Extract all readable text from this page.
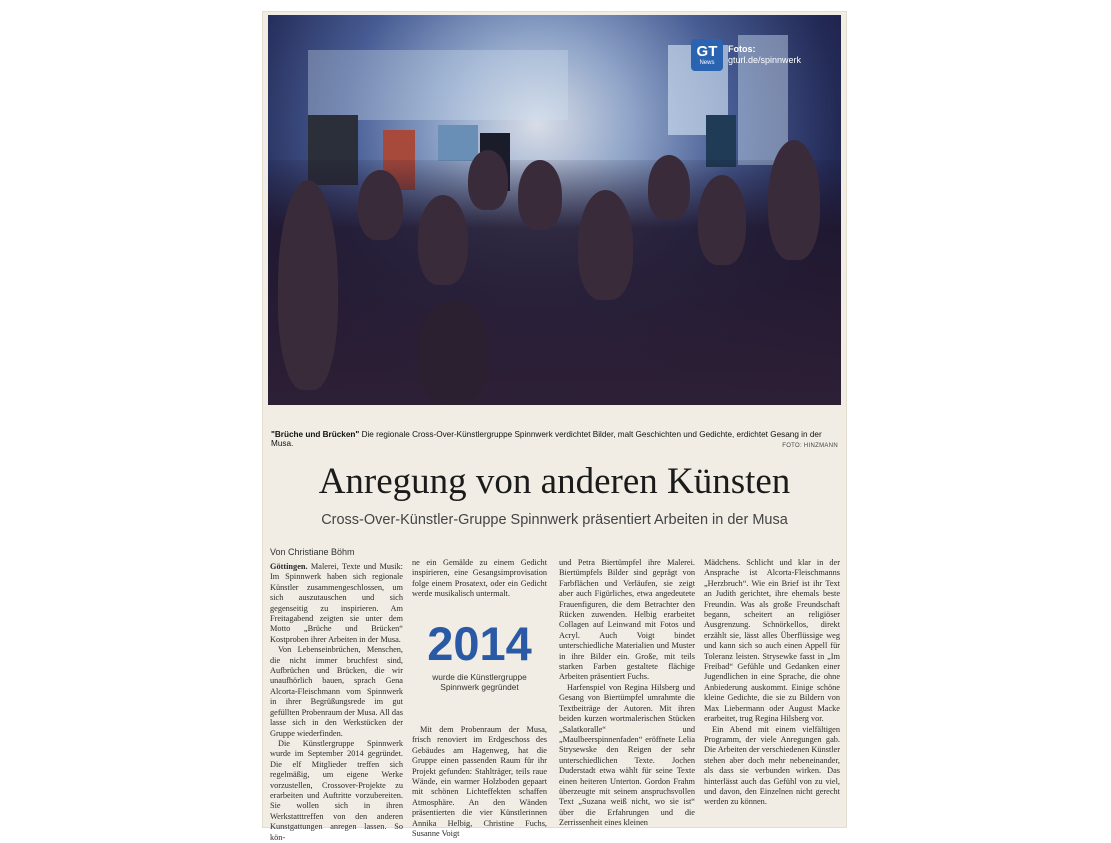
GT
News
Fotos:
gturl.de/spinnwerk
"Brüche und Brücken" Die regionale Cross-Over-Künstlergruppe Spinnwerk verdichtet Bilder, malt Geschichten und Gedichte, erdichtet Gesang in der Musa.	FOTO: HINZMANN
Anregung von anderen Künsten
Cross-Over-Künstler-Gruppe Spinnwerk präsentiert Arbeiten in der Musa
Von Christiane Böhm

Göttingen. Malerei, Texte und Musik: Im Spinnwerk haben sich regionale Künstler zusammengeschlossen, um sich auszutauschen und sich gegenseitig zu inspirieren. Am Freitagabend zeigten sie unter dem Motto „Brüche und Brücken“ Kostproben ihrer Arbeiten in der Musa.

Von Lebenseinbrüchen, Menschen, die nicht immer bruchfest sind, Aufbrüchen und Brücken, die wir unaufhörlich bauen, sprach Gena Alcorta-Fleischmann vom Spinnwerk in ihrer Begrüßungsrede im gut gefüllten Probenraum der Musa. All das lasse sich in den Werkstücken der Gruppe wiederfinden.

Die Künstlergruppe Spinnwerk wurde im September 2014 gegründet. Die elf Mitglieder treffen sich regelmäßig, um eigene Werke vorzustellen, Crossover-Projekte zu erarbeiten und Auftritte vorzubereiten. Sie wollen sich in ihren Werkstatttreffen von den anderen Kunstgattungen anregen lassen. So kön-

ne ein Gemälde zu einem Gedicht inspirieren, eine Gesangsimprovisation folge einem Prosatext, oder ein Gedicht werde musikalisch untermalt.

2014
wurde die Künstlergruppe Spinnwerk gegründet

Mit dem Probenraum der Musa, frisch renoviert im Erdgeschoss des Gebäudes am Hagenweg, hat die Gruppe einen passenden Raum für ihr Projekt gefunden: Stahlträger, teils raue Wände, ein warmer Holzboden gepaart mit schönen Lichteffekten schaffen Atmosphäre. An den Wänden präsentierten die vier Künstlerinnen Annika Helbig, Christine Fuchs, Susanne Voigt

und Petra Biertümpfel ihre Malerei. Biertümpfels Bilder sind geprägt von Farbflächen und Verläufen, sie zeigt aber auch Figürliches, etwa angedeutete Frauenfiguren, die dem Betrachter den Rücken zuwenden. Helbig erarbeitet Collagen auf Leinwand mit Fotos und Acryl. Auch Voigt bindet unterschiedliche Materialien und Muster in ihre Bilder ein. Große, mit teils starken Farben gestaltete flächige Arbeiten präsentiert Fuchs.

Harfenspiel von Regina Hilsberg und Gesang von Biertümpfel umrahmte die Textbeiträge der Autoren. Mit ihren beiden kurzen wortmalerischen Stücken „Salatkoralle“ und „Maulbeerspinnenfaden“ eröffnete Lelia Strysewske den Reigen der sehr unterschiedlichen Texte. Jochen Duderstadt etwa wählt für seine Texte einen heiteren Unterton. Gordon Frahm überzeugte mit seinem anspruchsvollen Text „Suzana weiß nicht, wo sie ist“ über die Erfahrungen und die Zerrissenheit eines kleinen

Mädchens. Schlicht und klar in der Ansprache ist Alcorta-Fleischmanns „Herzbruch“. Wie ein Brief ist ihr Text an Judith gerichtet, ihre ehemals beste Freundin. Was als große Freundschaft begann, scheitert an religiöser Ausgrenzung. Schnörkellos, direkt erzählt sie, lässt alles Überflüssige weg und kann sich so auch einen Appell für Toleranz leisten. Strysewke fasst in „Im Freibad“ Gefühle und Gedanken einer Jugendlichen in eine Sprache, die ohne Anbiederung auskommt. Einige schöne kleine Gedichte, die sie zu Bildern von Max Liebermann oder August Macke erarbeitet, trug Regina Hilsberg vor.

Ein Abend mit einem vielfältigen Programm, der viele Anregungen gab. Die Arbeiten der verschiedenen Künstler stehen aber doch mehr nebeneinander, als dass sie verbunden wirken. Das hinterlässt auch das Gefühl von zu viel, und davon, den Einzelnen nicht gerecht werden zu können.
